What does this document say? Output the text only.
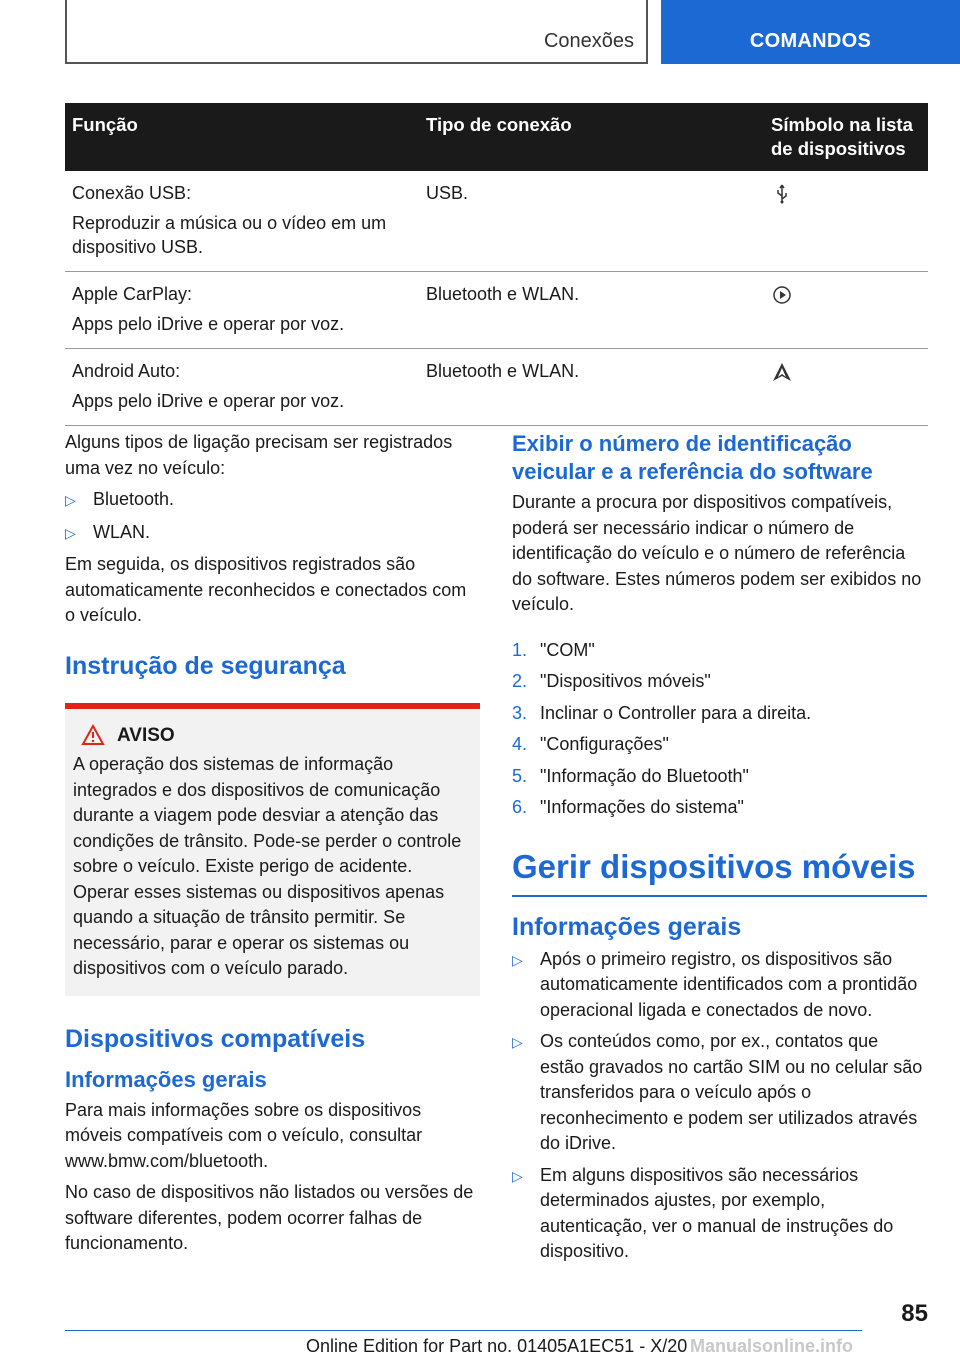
Conexões	COMANDOS
Função	Tipo de conexão	Símbolo na lista de dispositivos

Conexão USB:

Reproduzir a música ou o vídeo em um dispositivo USB.	USB.	

Apple CarPlay:

Apps pelo iDrive e operar por voz.	Bluetooth e WLAN.	

Android Auto:

Apps pelo iDrive e operar por voz.	Bluetooth e WLAN.	

Alguns tipos de ligação precisam ser registrados uma vez no veículo:

▷ Bluetooth.
▷ WLAN.

Em seguida, os dispositivos registrados são automaticamente reconhecidos e conectados com o veículo.

Instrução de segurança
AVISO
A operação dos sistemas de informação integrados e dos dispositivos de comunicação durante a viagem pode desviar a atenção das condições de trânsito. Pode-se perder o controle sobre o veículo. Existe perigo de acidente. Operar esses sistemas ou dispositivos apenas quando a situação de trânsito permitir. Se necessário, parar e operar os sistemas ou dispositivos com o veículo parado.
Dispositivos compatíveis
Informações gerais

Para mais informações sobre os dispositivos móveis compatíveis com o veículo, consultar www.bmw.com/bluetooth.

No caso de dispositivos não listados ou versões de software diferentes, podem ocorrer falhas de funcionamento.

Exibir o número de identificação veicular e a referência do software

Durante a procura por dispositivos compatíveis, poderá ser necessário indicar o número de identificação do veículo e o número de referência do software. Estes números podem ser exibidos no veículo.

1. "COM"
2. "Dispositivos móveis"
3. Inclinar o Controller para a direita.
4. "Configurações"
5. "Informação do Bluetooth"
6. "Informações do sistema"
Gerir dispositivos móveis
Informações gerais
▷ Após o primeiro registro, os dispositivos são automaticamente identificados com a prontidão operacional ligada e conectados de novo.
▷ Os conteúdos como, por ex., contatos que estão gravados no cartão SIM ou no celular são transferidos para o veículo após o reconhecimento e podem ser utilizados através do iDrive.
▷ Em alguns dispositivos são necessários determinados ajustes, por exemplo, autenticação, ver o manual de instruções do dispositivo.
85
Online Edition for Part no. 01405A1EC51 - X/20 Manualsonline.info
